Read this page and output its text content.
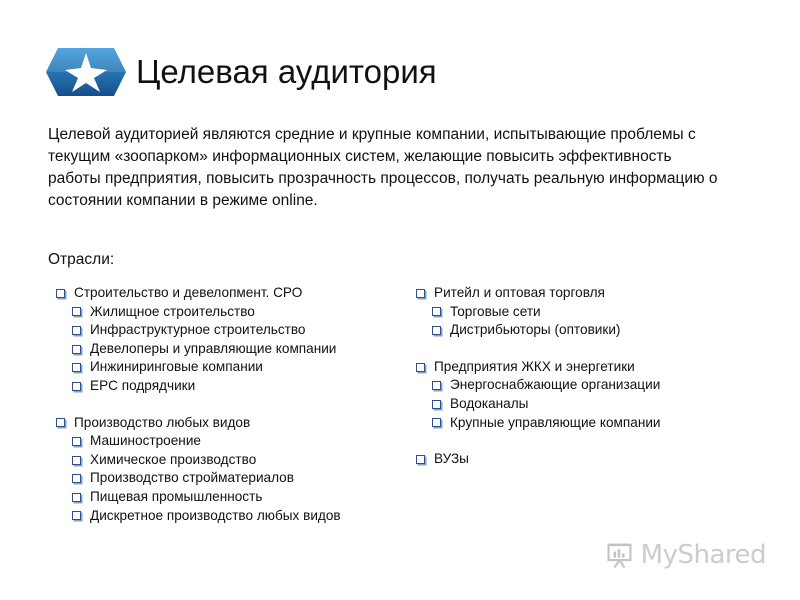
Целевая аудитория

Целевой аудиторией являются средние и крупные компании, испытывающие проблемы с текущим «зоопарком» информационных систем, желающие повысить эффективность работы предприятия, повысить прозрачность процессов, получать реальную информацию о состоянии компании в режиме online.

Отрасли:
Строительство и девелопмент. СРО
Жилищное строительство
Инфраструктурное строительство
Девелоперы и управляющие компании
Инжиниринговые компании
EPC подрядчики
Производство любых видов
Машиностроение
Химическое производство
Производство стройматериалов
Пищевая промышленность
Дискретное производство любых видов
Ритейл и оптовая торговля
Торговые сети
Дистрибьюторы (оптовики)
Предприятия ЖКХ и энергетики
Энергоснабжающие организации
Водоканалы
Крупные управляющие компании
ВУЗы
MyShared
